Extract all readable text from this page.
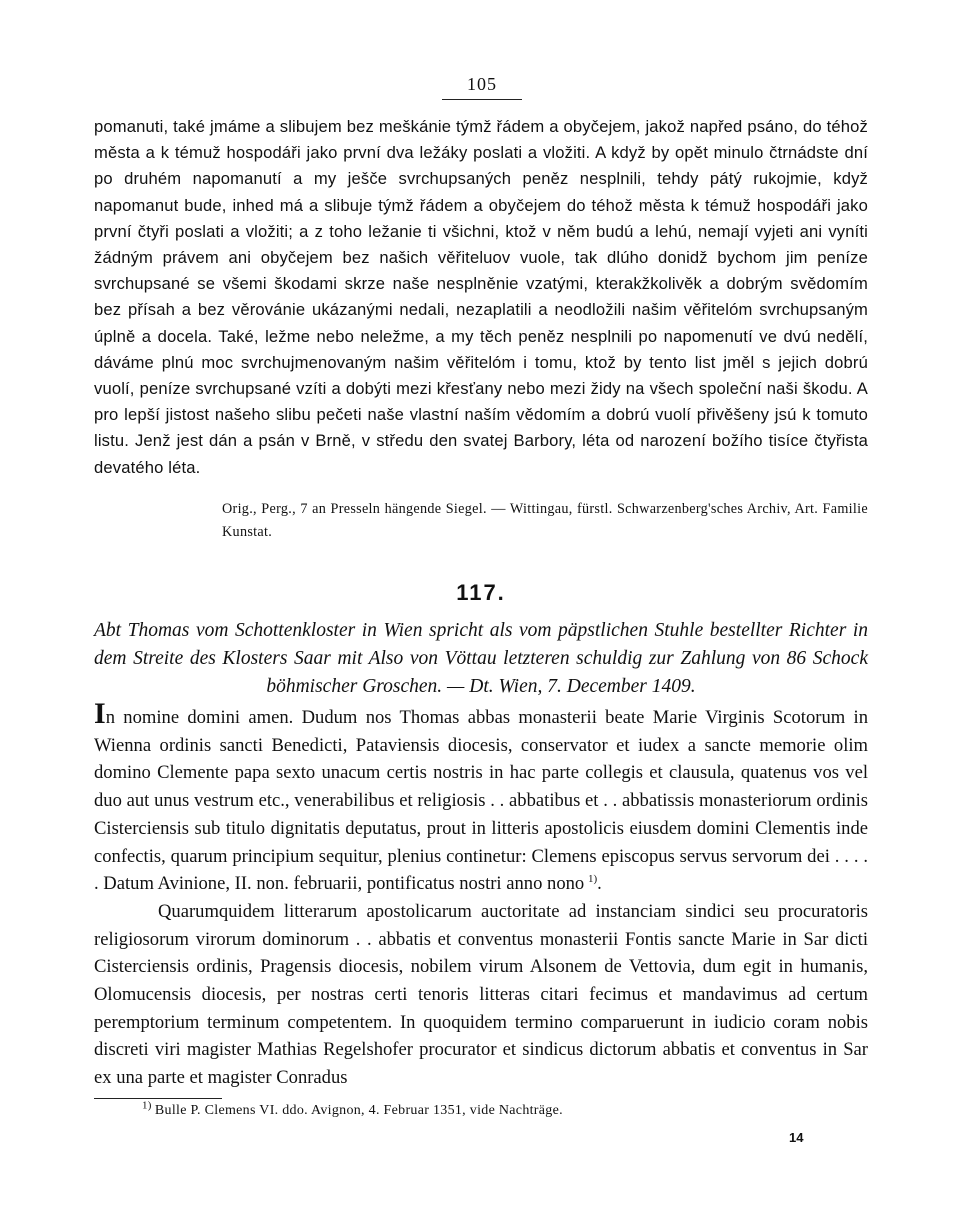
105

pomanuti, také jmáme a slibujem bez meškánie týmž řádem a obyčejem, jakož napřed psáno, do téhož města a k témuž hospodáři jako první dva ležáky poslati a vložiti. A když by opět minulo čtrnádste dní po druhém napomanutí a my ješče svrchupsaných peněz nesplnili, tehdy pátý rukojmie, když napomanut bude, inhed má a slibuje týmž řádem a obyčejem do téhož města k témuž hospodáři jako první čtyři poslati a vložiti; a z toho ležanie ti všichni, ktož v něm budú a lehú, nemají vyjeti ani vyníti žádným právem ani obyčejem bez našich věřiteluov vuole, tak dlúho donidž bychom jim peníze svrchupsané se všemi škodami skrze naše nesplněnie vzatými, kterakžkolivěk a dobrým svědomím bez přísah a bez věrovánie ukázanými nedali, nezaplatili a neodložili našim věřitelóm svrchupsaným úplně a docela. Také, ležme nebo neležme, a my těch peněz nesplnili po napomenutí ve dvú nedělí, dáváme plnú moc svrchujmenovaným našim věřitelóm i tomu, ktož by tento list jměl s jejich dobrú vuolí, peníze svrchupsané vzíti a dobýti mezi křesťany nebo mezi židy na všech společní naši škodu. A pro lepší jistost našeho slibu pečeti naše vlastní naším vědomím a dobrú vuolí přivěšeny jsú k tomuto listu. Jenž jest dán a psán v Brně, v středu den svatej Barbory, léta od narození božího tisíce čtyřista devatého léta.

Orig., Perg., 7 an Presseln hängende Siegel. — Wittingau, fürstl. Schwarzenberg'sches Archiv, Art. Familie Kunstat.

117.

Abt Thomas vom Schottenkloster in Wien spricht als vom päpstlichen Stuhle bestellter Richter in dem Streite des Klosters Saar mit Also von Vöttau letzteren schuldig zur Zahlung von 86 Schock böhmischer Groschen. — Dt. Wien, 7. December 1409.

In nomine domini amen. Dudum nos Thomas abbas monasterii beate Marie Virginis Scotorum in Wienna ordinis sancti Benedicti, Pataviensis diocesis, conservator et iudex a sancte memorie olim domino Clemente papa sexto unacum certis nostris in hac parte collegis et clausula, quatenus vos vel duo aut unus vestrum etc., venerabilibus et religiosis . . abbatibus et . . abbatissis monasteriorum ordinis Cisterciensis sub titulo dignitatis deputatus, prout in litteris apostolicis eiusdem domini Clementis inde confectis, quarum principium sequitur, plenius continetur: Clemens episcopus servus servorum dei . . . . . Datum Avinione, II. non. februarii, pontificatus nostri anno nono  $^{1)}$.

Quarumquidem litterarum apostolicarum auctoritate ad instanciam sindici seu procuratoris religiosorum virorum dominorum . . abbatis et conventus monasterii Fontis sancte Marie in Sar dicti Cisterciensis ordinis, Pragensis diocesis, nobilem virum Alsonem de Vettovia, dum egit in humanis, Olomucensis diocesis, per nostras certi tenoris litteras citari fecimus et mandavimus ad certum peremptorium terminum competentem. In quoquidem termino comparuerunt in iudicio coram nobis discreti viri magister Mathias Regelshofer procurator et sindicus dictorum abbatis et conventus in Sar ex una parte et magister Conradus

$^{1)}$  Bulle P. Clemens VI. ddo. Avignon, 4. Februar 1351, vide Nachträge.
14
